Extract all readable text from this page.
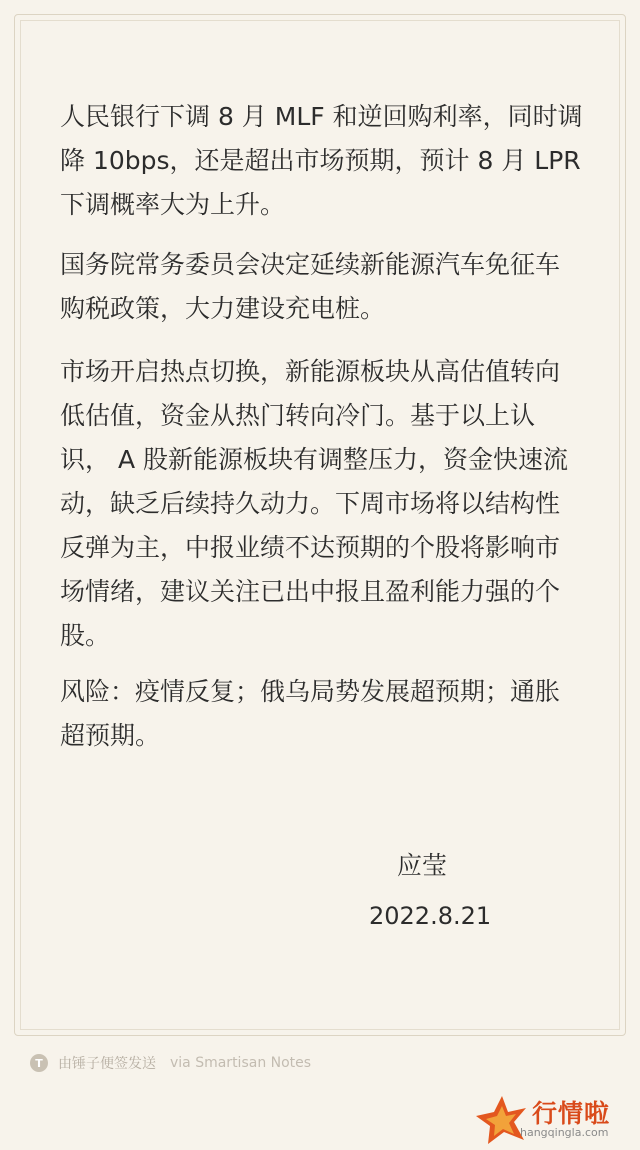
人民银行下调 8 月 MLF 和逆回购利率，同时调
降 10bps，还是超出市场预期，预计 8 月 LPR
下调概率大为上升。

国务院常务委员会决定延续新能源汽车免征车
购税政策，大力建设充电桩。

市场开启热点切换，新能源板块从高估值转向
低估值，资金从热门转向冷门。基于以上认
识， A 股新能源板块有调整压力，资金快速流
动，缺乏后续持久动力。下周市场将以结构性
反弹为主，中报业绩不达预期的个股将影响市
场情绪，建议关注已出中报且盈利能力强的个
股。

风险：疫情反复；俄乌局势发展超预期；通胀
超预期。

应莹
2022.8.21
T	由锤子便签发送 via Smartisan Notes
行情啦
hangqingla.com
